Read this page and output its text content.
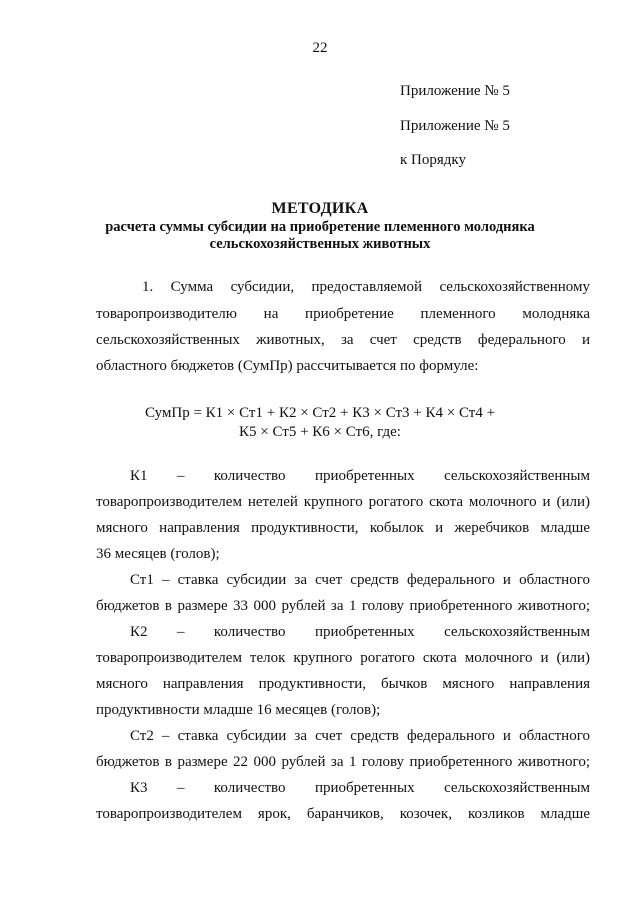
22
Приложение № 5
Приложение № 5
к Порядку
МЕТОДИКА
расчета суммы субсидии на приобретение племенного молодняка
сельскохозяйственных животных
1. Сумма субсидии, предоставляемой сельскохозяйственному
товаропроизводителю на приобретение племенного молодняка
сельскохозяйственных животных, за счет средств федерального и
областного бюджетов (СумПр) рассчитывается по формуле:
СумПр = К1 × Ст1 + К2 × Ст2 + К3 × Ст3 + К4 × Ст4 +
К5 × Ст5 + К6 × Ст6, где:
К1 – количество приобретенных сельскохозяйственным
товаропроизводителем нетелей крупного рогатого скота молочного и (или)
мясного направления продуктивности, кобылок и жеребчиков младше
36 месяцев (голов);
Ст1 – ставка субсидии за счет средств федерального и областного
бюджетов в размере 33 000 рублей за 1 голову приобретенного животного;
К2 – количество приобретенных сельскохозяйственным
товаропроизводителем телок крупного рогатого скота молочного и (или)
мясного направления продуктивности, бычков мясного направления
продуктивности младше 16 месяцев (голов);
Ст2 – ставка субсидии за счет средств федерального и областного
бюджетов в размере 22 000 рублей за 1 голову приобретенного животного;
К3 – количество приобретенных сельскохозяйственным
товаропроизводителем ярок, баранчиков, козочек, козликов младше
